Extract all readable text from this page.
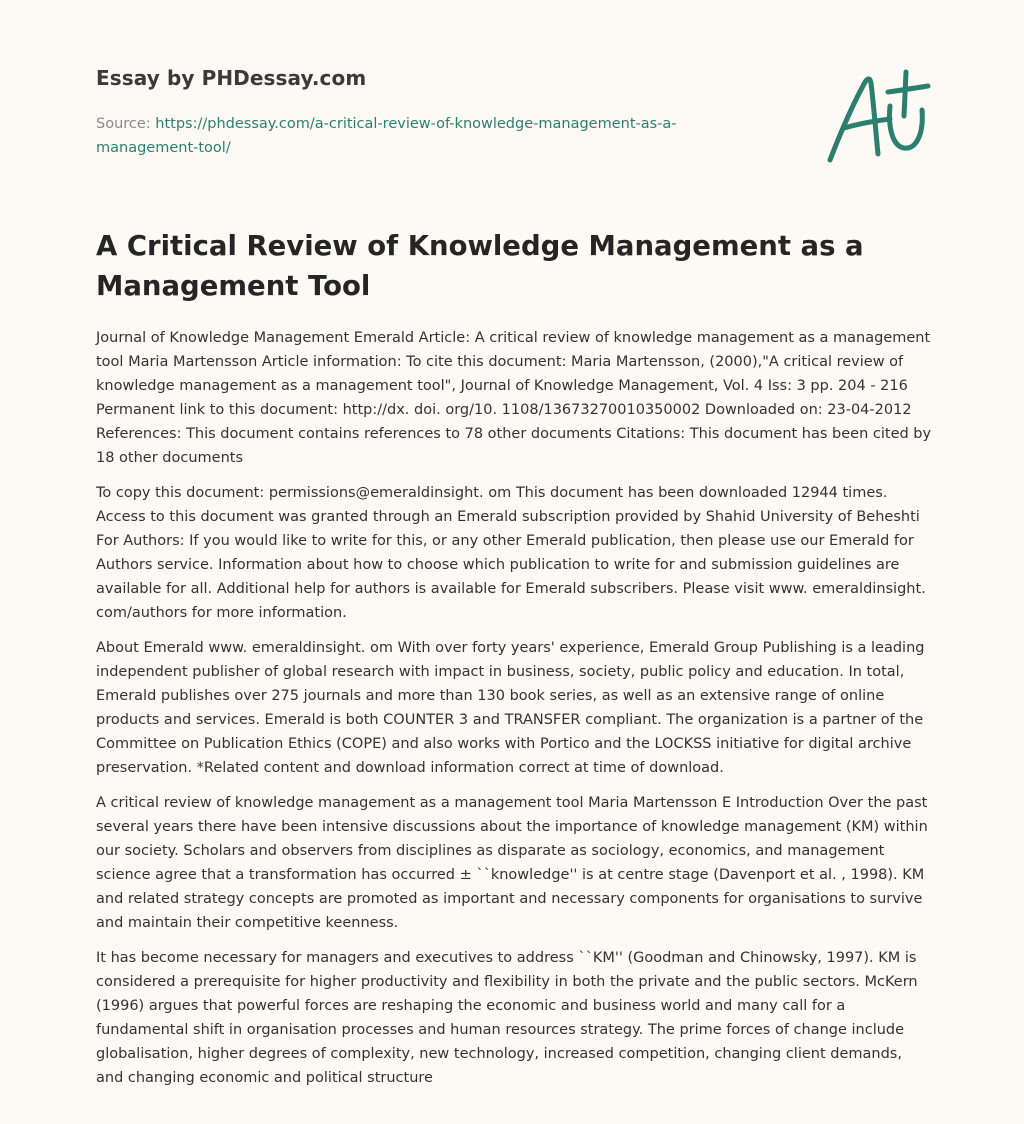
Essay by PHDessay.com
Source: https://phdessay.com/a-critical-review-of-knowledge-management-as-a-management-tool/
A Critical Review of Knowledge Management as a Management Tool

Journal of Knowledge Management Emerald Article: A critical review of knowledge management as a management tool Maria Martensson Article information: To cite this document: Maria Martensson, (2000),"A critical review of knowledge management as a management tool", Journal of Knowledge Management, Vol. 4 Iss: 3 pp. 204 - 216 Permanent link to this document: http://dx. doi. org/10. 1108/13673270010350002 Downloaded on: 23-04-2012 References: This document contains references to 78 other documents Citations: This document has been cited by 18 other documents

To copy this document: permissions@emeraldinsight. om This document has been downloaded 12944 times. Access to this document was granted through an Emerald subscription provided by Shahid University of Beheshti For Authors: If you would like to write for this, or any other Emerald publication, then please use our Emerald for Authors service. Information about how to choose which publication to write for and submission guidelines are available for all. Additional help for authors is available for Emerald subscribers. Please visit www. emeraldinsight. com/authors for more information.

About Emerald www. emeraldinsight. om With over forty years' experience, Emerald Group Publishing is a leading independent publisher of global research with impact in business, society, public policy and education. In total, Emerald publishes over 275 journals and more than 130 book series, as well as an extensive range of online products and services. Emerald is both COUNTER 3 and TRANSFER compliant. The organization is a partner of the Committee on Publication Ethics (COPE) and also works with Portico and the LOCKSS initiative for digital archive preservation. *Related content and download information correct at time of download.

A critical review of knowledge management as a management tool Maria Martensson E Introduction Over the past several years there have been intensive discussions about the importance of knowledge management (KM) within our society. Scholars and observers from disciplines as disparate as sociology, economics, and management science agree that a transformation has occurred ± ``knowledge'' is at centre stage (Davenport et al. , 1998). KM and related strategy concepts are promoted as important and necessary components for organisations to survive and maintain their competitive keenness.

It has become necessary for managers and executives to address ``KM'' (Goodman and Chinowsky, 1997). KM is considered a prerequisite for higher productivity and flexibility in both the private and the public sectors. McKern (1996) argues that powerful forces are reshaping the economic and business world and many call for a fundamental shift in organisation processes and human resources strategy. The prime forces of change include globalisation, higher degrees of complexity, new technology, increased competition, changing client demands, and changing economic and political structure
